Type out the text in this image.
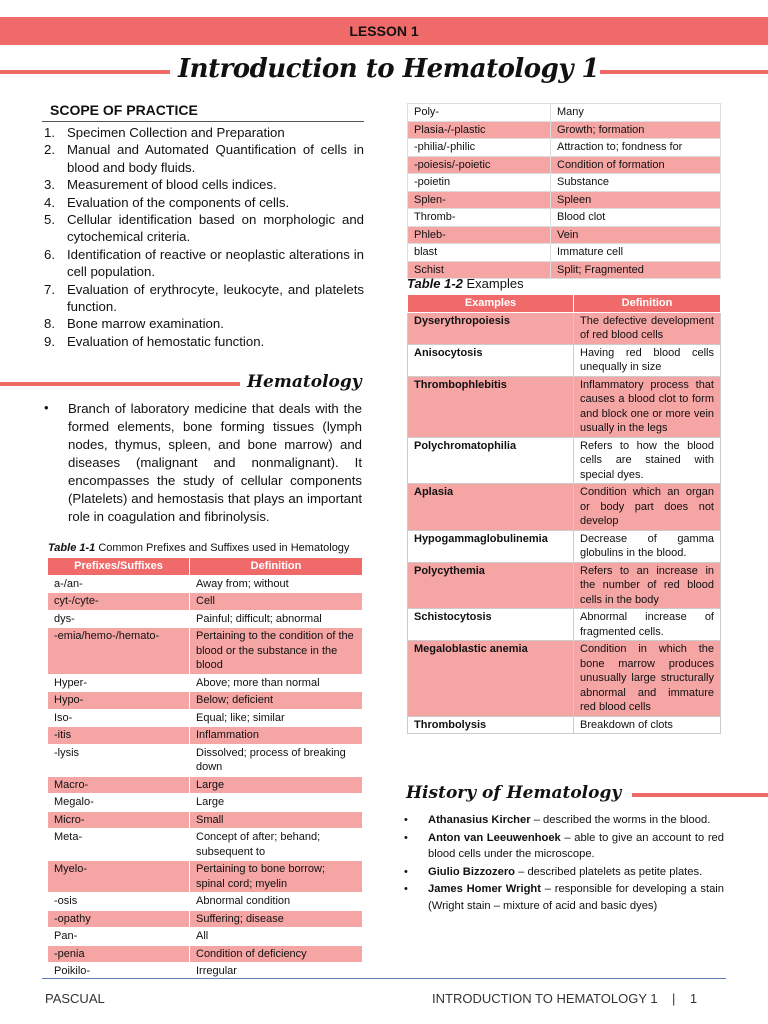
LESSON 1
Introduction to Hematology 1
SCOPE OF PRACTICE
1. Specimen Collection and Preparation
2. Manual and Automated Quantification of cells in blood and body fluids.
3. Measurement of blood cells indices.
4. Evaluation of the components of cells.
5. Cellular identification based on morphologic and cytochemical criteria.
6. Identification of reactive or neoplastic alterations in cell population.
7. Evaluation of erythrocyte, leukocyte, and platelets function.
8. Bone marrow examination.
9. Evaluation of hemostatic function.
Hematology
•	Branch of laboratory medicine that deals with the formed elements, bone forming tissues (lymph nodes, thymus, spleen, and bone marrow) and diseases (malignant and nonmalignant). It encompasses the study of cellular components (Platelets) and hemostasis that plays an important role in coagulation and fibrinolysis.
Table 1-1 Common Prefixes and Suffixes used in Hematology
Prefixes/Suffixes	Definition
a-/an-	Away from; without
cyt-/cyte-	Cell
dys-	Painful; difficult; abnormal
-emia/hemo-/hemato-	Pertaining to the condition of the blood or the substance in the blood
Hyper-	Above; more than normal
Hypo-	Below; deficient
Iso-	Equal; like; similar
-itis	Inflammation
-lysis	Dissolved; process of breaking down
Macro-	Large
Megalo-	Large
Micro-	Small
Meta-	Concept of after; behand; subsequent to
Myelo-	Pertaining to bone borrow; spinal cord; myelin
-osis	Abnormal condition
-opathy	Suffering; disease
Pan-	All
-penia	Condition of deficiency
Poikilo-	Irregular
Poly-	Many
Plasia-/-plastic	Growth; formation
-philia/-philic	Attraction to; fondness for
-poiesis/-poietic	Condition of formation
-poietin	Substance
Splen-	Spleen
Thromb-	Blood clot
Phleb-	Vein
blast	Immature cell
Schist	Split; Fragmented
Table 1-2 Examples
Examples	Definition
Dyserythropoiesis	The defective development of red blood cells
Anisocytosis	Having red blood cells unequally in size
Thrombophlebitis	Inflammatory process that causes a blood clot to form and block one or more vein usually in the legs
Polychromatophilia	Refers to how the blood cells are stained with special dyes.
Aplasia	Condition which an organ or body part does not develop
Hypogammaglobulinemia	Decrease of gamma globulins in the blood.
Polycythemia	Refers to an increase in the number of red blood cells in the body
Schistocytosis	Abnormal increase of fragmented cells.
Megaloblastic anemia	Condition in which the bone marrow produces unusually large structurally abnormal and immature red blood cells
Thrombolysis	Breakdown of clots
History of Hematology
•	Athanasius Kircher – described the worms in the blood.
•	Anton van Leeuwenhoek – able to give an account to red blood cells under the microscope.
•	Giulio Bizzozero – described platelets as petite plates.
•	James Homer Wright – responsible for developing a stain (Wright stain – mixture of acid and basic dyes)
PASCUAL	INTRODUCTION TO HEMATOLOGY 1    |    1
